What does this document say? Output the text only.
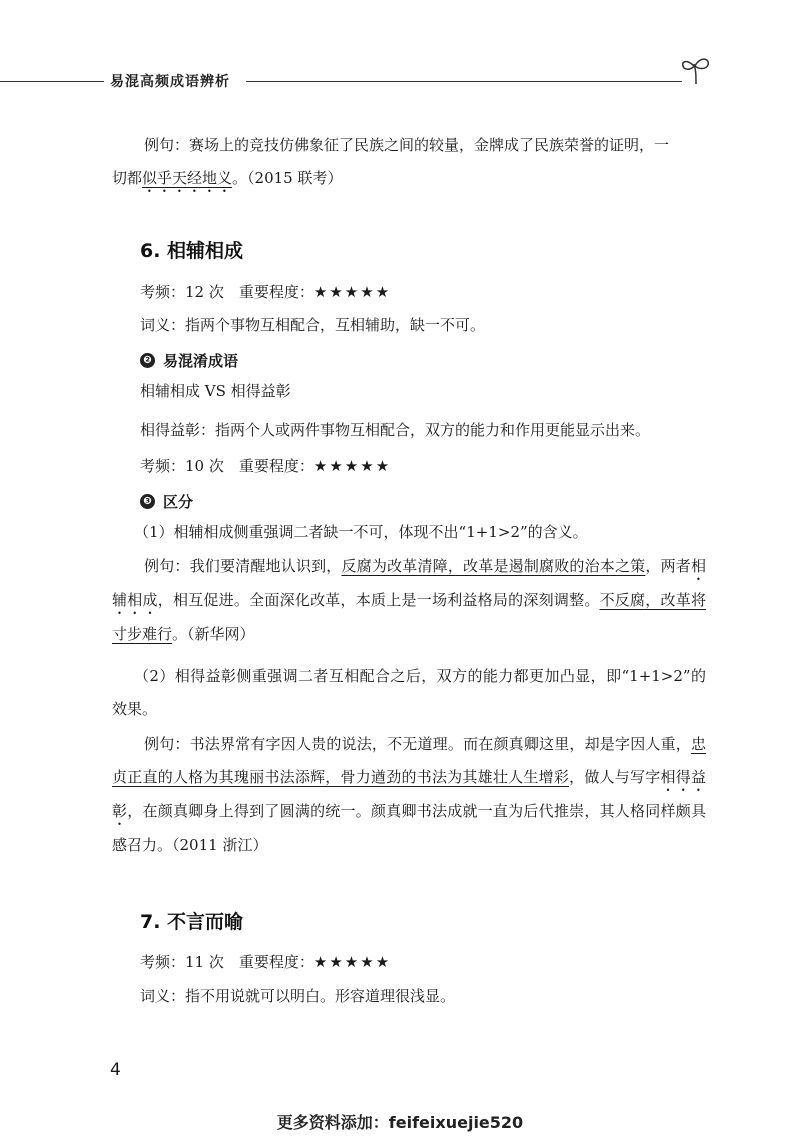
易混高频成语辨析

例句：赛场上的竞技仿佛象征了民族之间的较量，金牌成了民族荣誉的证明，一
切都似乎天经地义。（2015 联考）

6. 相辅相成

考频：12 次　 重要程度：★★★★★

词义：指两个事物互相配合，互相辅助，缺一不可。

❷ 易混淆成语

相辅相成 VS 相得益彰

相得益彰：指两个人或两件事物互相配合，双方的能力和作用更能显示出来。

考频：10 次　 重要程度：★★★★★

❸ 区分

（1）相辅相成侧重强调二者缺一不可，体现不出“1+1>2”的含义。

例句：我们要清醒地认识到，反腐为改革清障，改革是遏制腐败的治本之策，两者相辅相成，相互促进。全面深化改革，本质上是一场利益格局的深刻调整。不反腐，改革将寸步难行。（新华网）

（2）相得益彰侧重强调二者互相配合之后，双方的能力都更加凸显，即“1+1>2”的效果。

例句：书法界常有字因人贵的说法，不无道理。而在颜真卿这里，却是字因人重，忠贞正直的人格为其瑰丽书法添辉，骨力遒劲的书法为其雄壮人生增彩，做人与写字相得益彰，在颜真卿身上得到了圆满的统一。颜真卿书法成就一直为后代推崇，其人格同样颇具感召力。（2011 浙江）

7. 不言而喻

考频：11 次　 重要程度：★★★★★

词义：指不用说就可以明白。形容道理很浅显。

4
更多资料添加：feifeixuejie520
